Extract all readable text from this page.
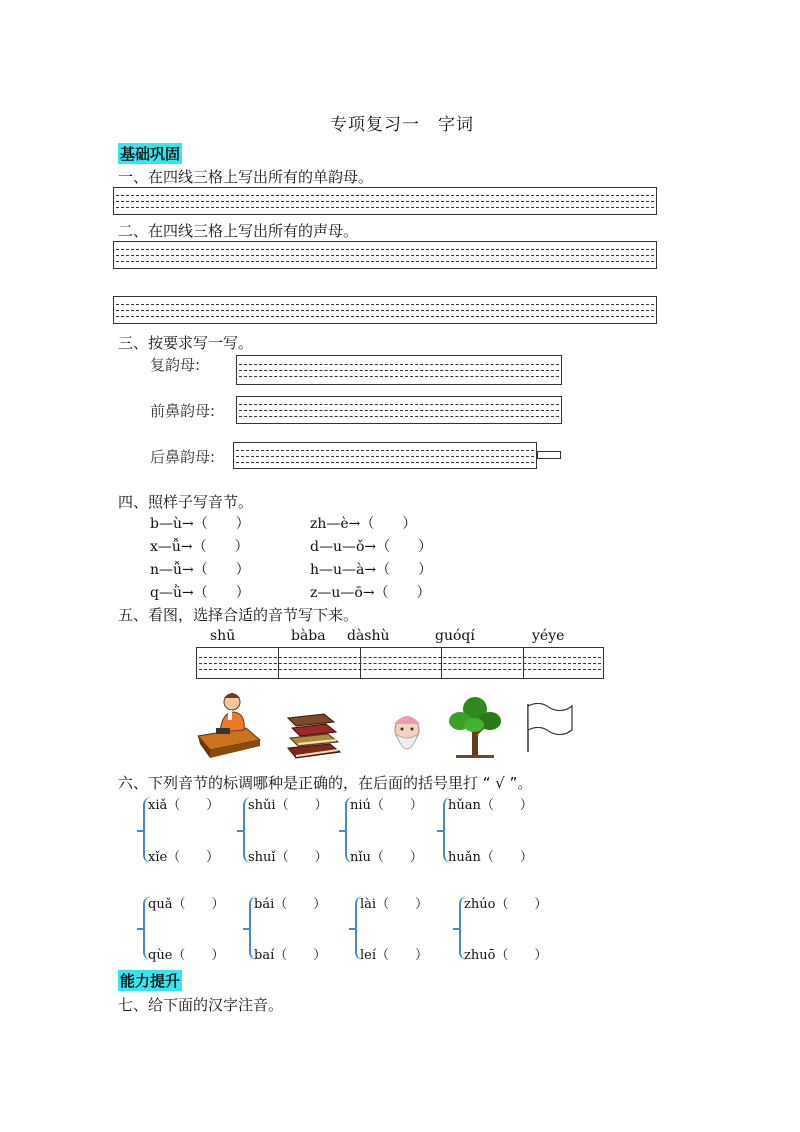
专项复习一　字词
基础巩固
一、在四线三格上写出所有的单韵母。
二、在四线三格上写出所有的声母。
三、按要求写一写。
复韵母:
前鼻韵母:
后鼻韵母:
四、照样子写音节。
b—ù→（　　）	zh—è→（　　）
x—ǚ→（　　）	d—u—ǒ→（　　）
n—ǚ→（　　）	h—u—à→（　　）
q—ǜ→（　　）	z—u—ō→（　　）
五、看图，选择合适的音节写下来。
shū	bàba dàshù	guóqí	yéye
六、下列音节的标调哪种是正确的，在后面的括号里打 “ √ ”。
xiǎ（　　）
xǐe（　　）
shǔi（　　）
shuǐ（　　）
niú（　　）
nǐu（　　）
hǔan（　　）
huǎn（　　）
quǎ（　　）
qùe（　　）
bái（　　）
baí（　　）
lài（　　）
leí（　　）
zhúo（　　）
zhuō（　　）
能力提升
七、给下面的汉字注音。
